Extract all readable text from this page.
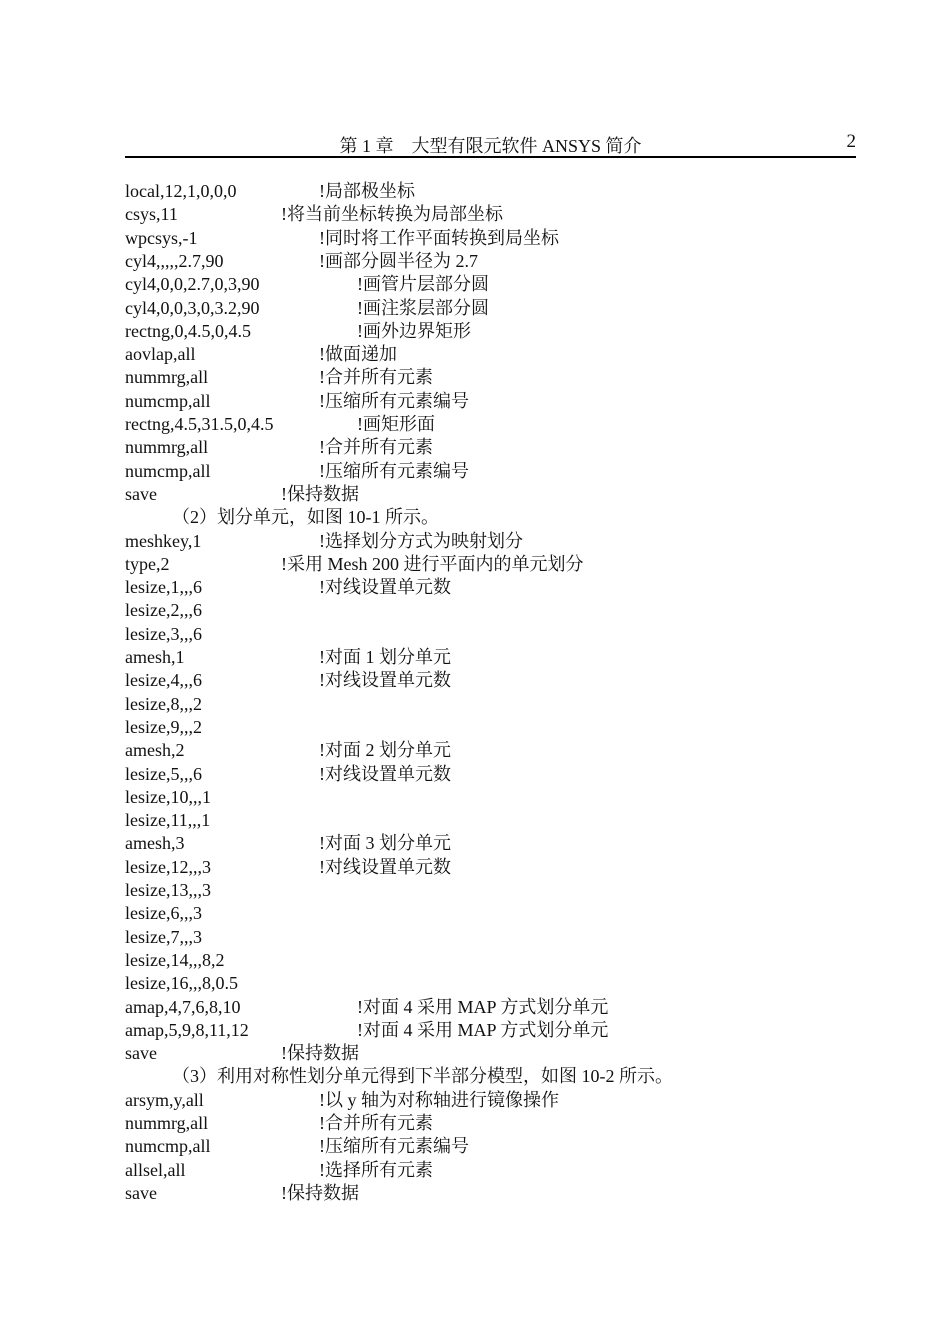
第 1 章　大型有限元软件 ANSYS 简介	2
local,12,1,0,0,0	!局部极坐标
csys,11	!将当前坐标转换为局部坐标
wpcsys,-1	!同时将工作平面转换到局坐标
cyl4,,,,,2.7,90	!画部分圆半径为 2.7
cyl4,0,0,2.7,0,3,90	!画管片层部分圆
cyl4,0,0,3,0,3.2,90	!画注浆层部分圆
rectng,0,4.5,0,4.5	!画外边界矩形
aovlap,all	!做面递加
nummrg,all	!合并所有元素
numcmp,all	!压缩所有元素编号
rectng,4.5,31.5,0,4.5	!画矩形面
nummrg,all	!合并所有元素
numcmp,all	!压缩所有元素编号
save	!保持数据
（2）划分单元，如图 10-1 所示。
meshkey,1	!选择划分方式为映射划分
type,2	!采用 Mesh 200 进行平面内的单元划分
lesize,1,,,6	!对线设置单元数
lesize,2,,,6
lesize,3,,,6
amesh,1	!对面 1 划分单元
lesize,4,,,6	!对线设置单元数
lesize,8,,,2
lesize,9,,,2
amesh,2	!对面 2 划分单元
lesize,5,,,6	!对线设置单元数
lesize,10,,,1
lesize,11,,,1
amesh,3	!对面 3 划分单元
lesize,12,,,3	!对线设置单元数
lesize,13,,,3
lesize,6,,,3
lesize,7,,,3
lesize,14,,,8,2
lesize,16,,,8,0.5
amap,4,7,6,8,10	!对面 4 采用 MAP 方式划分单元
amap,5,9,8,11,12	!对面 4 采用 MAP 方式划分单元
save	!保持数据
（3）利用对称性划分单元得到下半部分模型，如图 10-2 所示。
arsym,y,all	!以 y 轴为对称轴进行镜像操作
nummrg,all	!合并所有元素
numcmp,all	!压缩所有元素编号
allsel,all	!选择所有元素
save	!保持数据
